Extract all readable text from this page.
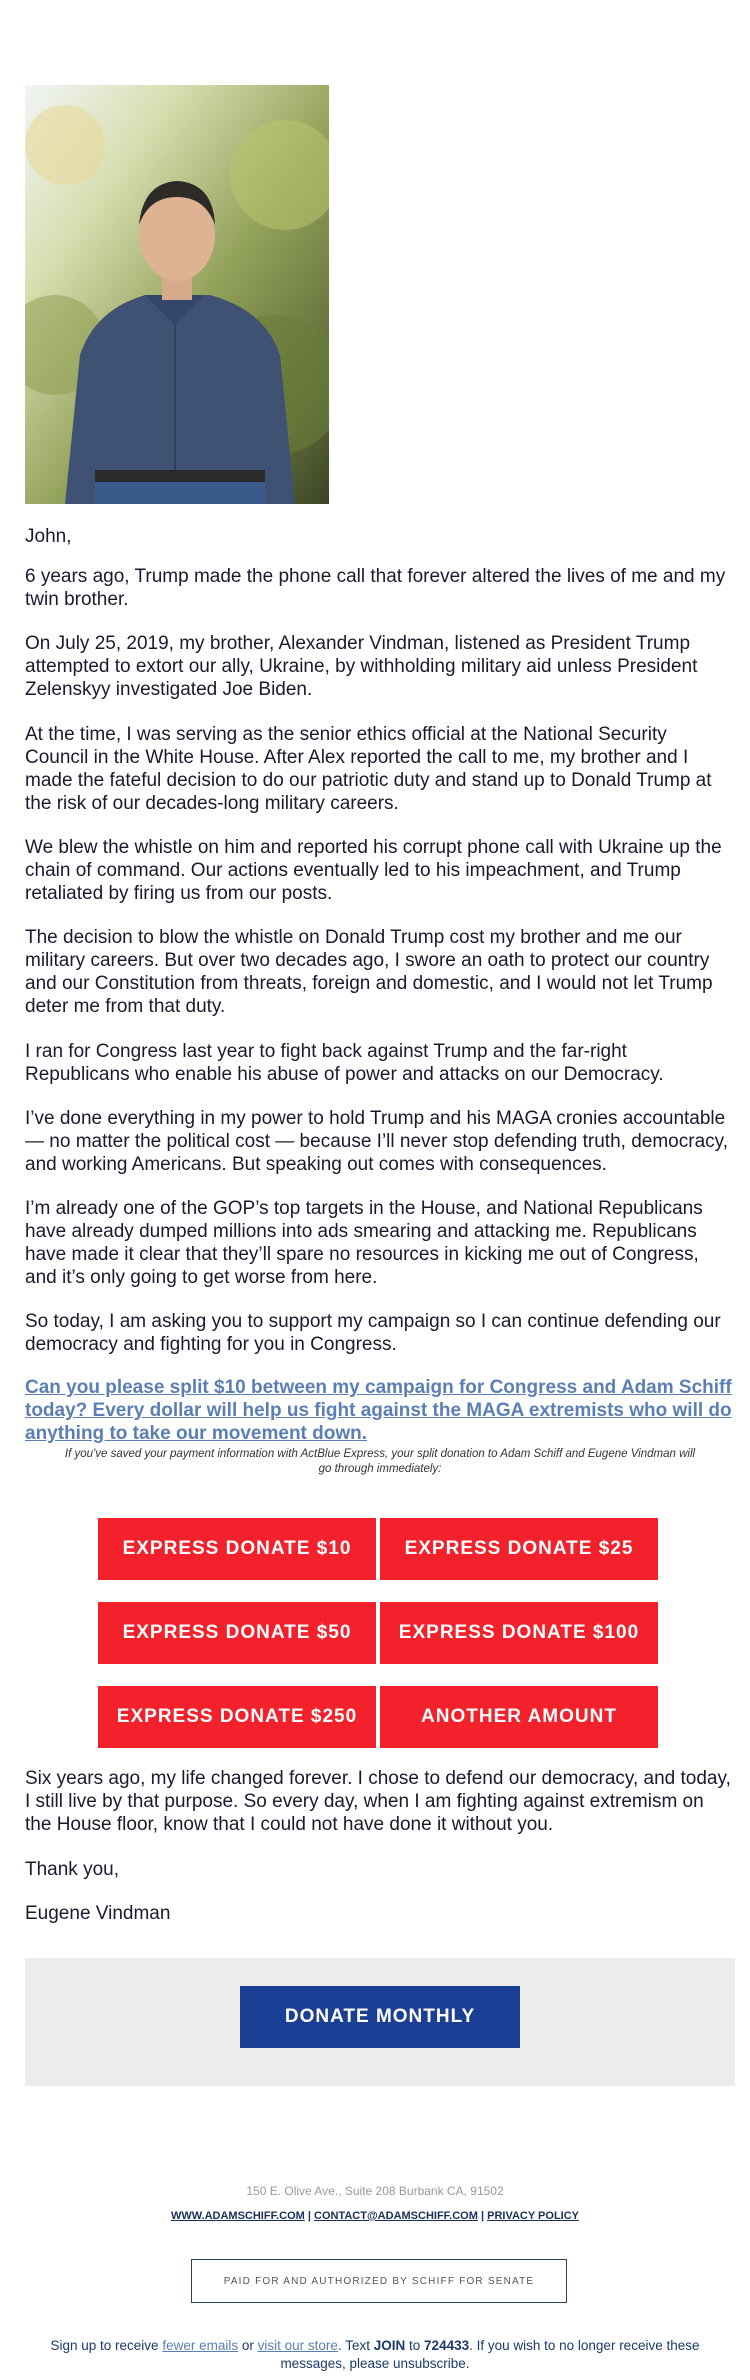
John,

6 years ago, Trump made the phone call that forever altered the lives of me and my twin brother.

On July 25, 2019, my brother, Alexander Vindman, listened as President Trump attempted to extort our ally, Ukraine, by withholding military aid unless President Zelenskyy investigated Joe Biden.

At the time, I was serving as the senior ethics official at the National Security Council in the White House. After Alex reported the call to me, my brother and I made the fateful decision to do our patriotic duty and stand up to Donald Trump at the risk of our decades-long military careers.

We blew the whistle on him and reported his corrupt phone call with Ukraine up the chain of command. Our actions eventually led to his impeachment, and Trump retaliated by firing us from our posts.

The decision to blow the whistle on Donald Trump cost my brother and me our military careers. But over two decades ago, I swore an oath to protect our country and our Constitution from threats, foreign and domestic, and I would not let Trump deter me from that duty.

I ran for Congress last year to fight back against Trump and the far-right Republicans who enable his abuse of power and attacks on our Democracy.

I’ve done everything in my power to hold Trump and his MAGA cronies accountable — no matter the political cost — because I’ll never stop defending truth, democracy, and working Americans. But speaking out comes with consequences.

I’m already one of the GOP’s top targets in the House, and National Republicans have already dumped millions into ads smearing and attacking me. Republicans have made it clear that they’ll spare no resources in kicking me out of Congress, and it’s only going to get worse from here.

So today, I am asking you to support my campaign so I can continue defending our democracy and fighting for you in Congress.

Can you please split $10 between my campaign for Congress and Adam Schiff today? Every dollar will help us fight against the MAGA extremists who will do anything to take our movement down.

If you've saved your payment information with ActBlue Express, your split donation to Adam Schiff and Eugene Vindman will go through immediately:

EXPRESS DONATE $10	EXPRESS DONATE $25
EXPRESS DONATE $50	EXPRESS DONATE $100
EXPRESS DONATE $250	ANOTHER AMOUNT

Six years ago, my life changed forever. I chose to defend our democracy, and today, I still live by that purpose. So every day, when I am fighting against extremism on the House floor, know that I could not have done it without you.

Thank you,

Eugene Vindman

DONATE MONTHLY
150 E. Olive Ave., Suite 208 Burbank CA, 91502
WWW.ADAMSCHIFF.COM | CONTACT@ADAMSCHIFF.COM | PRIVACY POLICY
PAID FOR AND AUTHORIZED BY SCHIFF FOR SENATE
Sign up to receive fewer emails or visit our store. Text JOIN to 724433. If you wish to no longer receive these messages, please unsubscribe.
